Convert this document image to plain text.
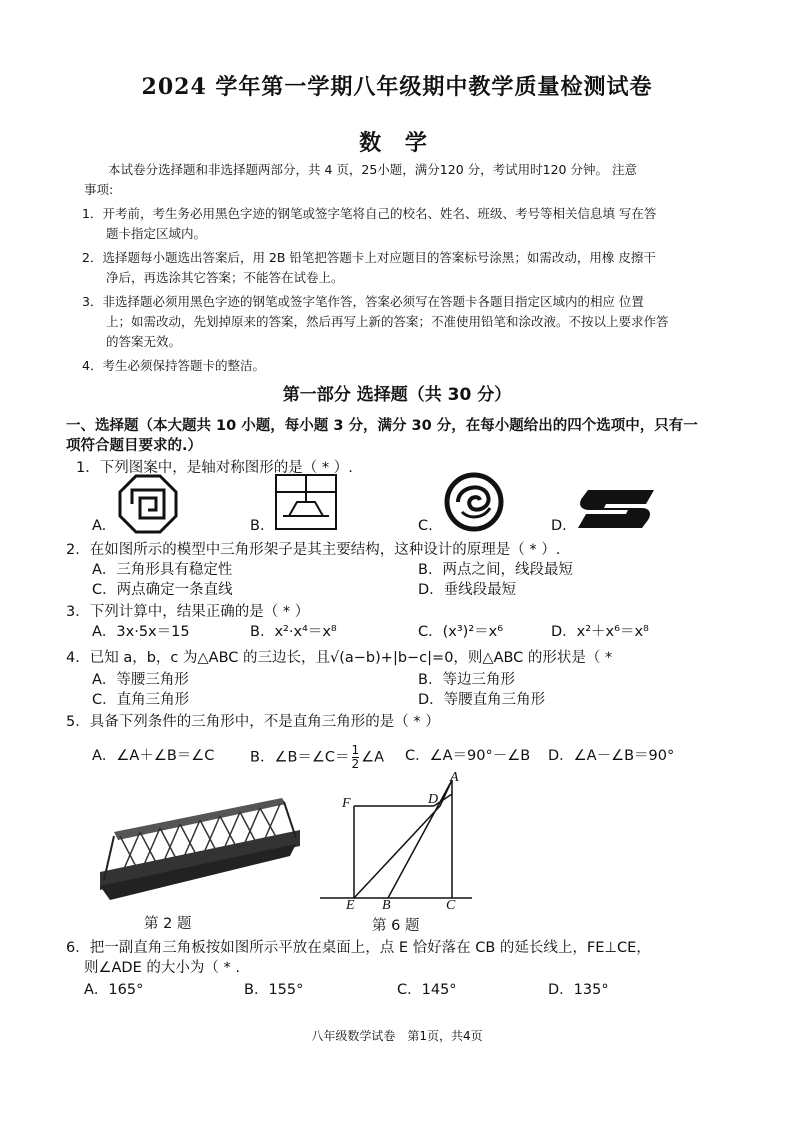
2024 学年第一学期八年级期中教学质量检测试卷
数 学
本试卷分选择题和非选择题两部分，共 4 页，25小题，满分120 分，考试用时120 分钟。 注意
事项:
1．开考前，考生务必用黑色字迹的钢笔或签字笔将自己的校名、姓名、班级、考号等相关信息填 写在答
题卡指定区域内。
2．选择题每小题选出答案后，用 2B 铅笔把答题卡上对应题目的答案标号涂黑；如需改动，用橡 皮擦干
净后，再选涂其它答案；不能答在试卷上。
3．非选择题必须用黑色字迹的钢笔或签字笔作答，答案必须写在答题卡各题目指定区域内的相应 位置
上；如需改动，先划掉原来的答案，然后再写上新的答案；不准使用铅笔和涂改液。不按以上要求作答
的答案无效。
4．考生必须保持答题卡的整洁。
第一部分 选择题（共 30 分）
一、选择题（本大题共 10 小题，每小题 3 分，满分 30 分，在每小题给出的四个选项中，只有一
项符合题目要求的.）
1．下列图案中，是轴对称图形的是（ * ）.
A.	B.	C.	D.
2．在如图所示的模型中三角形架子是其主要结构，这种设计的原理是（ * ）.
A．三角形具有稳定性	B．两点之间，线段最短
C．两点确定一条直线	D．垂线段最短
3．下列计算中，结果正确的是（ * ）
A．3x·5x＝15	B．x²·x⁴＝x⁸	C．(x³)²＝x⁶	D．x²＋x⁶＝x⁸
4．已知 a，b，c 为△ABC 的三边长，且√(a−b)+|b−c|=0，则△ABC 的形状是（ *
A．等腰三角形	B．等边三角形
C．直角三角形	D．等腰直角三角形
5．具备下列条件的三角形中，不是直角三角形的是（ * ）
A．∠A＋∠B＝∠C B．∠B＝∠C＝ $\frac{1}{2}$ ∠A C．∠A＝90°－∠B D．∠A－∠B＝90°
第 2 题
A
F	D
E B	C
第 6 题
6．把一副直角三角板按如图所示平放在桌面上，点 E 恰好落在 CB 的延长线上，FE⊥CE，
则∠ADE 的大小为（ * .
A．165°	B．155°	C．145°	D．135°
八年级数学试卷　第1页，共4页
